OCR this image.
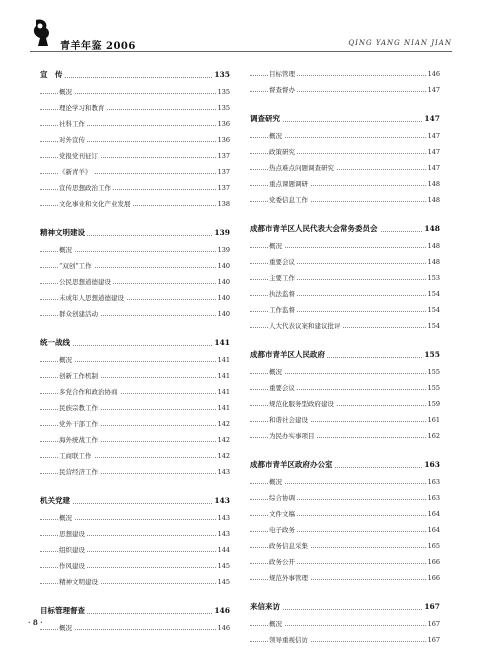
青羊年鉴 2006	QING YANG NIAN JIAN
宣　传	135
概况	135
理论学习和教育	135
社科工作	136
对外宣传	136
党报党刊征订	137
《新青羊》	137
宣传思想政治工作	137
文化事业和文化产业发展	138
精神文明建设	139
概况	139
“双创”工作	140
公民思想道德建设	140
未成年人思想道德建设	140
群众创建活动	140
统一战线	141
概况	141
创新工作机制	141
多党合作和政治协商	141
民族宗教工作	141
党外干部工作	142
海外统战工作	142
工商联工作	142
民营经济工作	143
机关党建	143
概况	143
思想建设	143
组织建设	144
作风建设	145
精神文明建设	145
目标管理督查	146
概况	146
目标管理	146
督查督办	147
调查研究	147
概况	147
政策研究	147
热点难点问题调查研究	147
重点课题调研	148
党委信息工作	148
成都市青羊区人民代表大会常务委员会	148
概况	148
重要会议	148
主要工作	153
执法监督	154
工作监督	154
人大代表议案和建议批评	154
成都市青羊区人民政府	155
概况	155
重要会议	155
规范化服务型政府建设	159
和谐社会建设	161
为民办实事项目	162
成都市青羊区政府办公室	163
概况	163
综合协调	163
文件文稿	164
电子政务	164
政务信息采集	165
政务公开	166
规范外事管理	166
来信来访	167
概况	167
领导重视信访	167
· 8 ·
